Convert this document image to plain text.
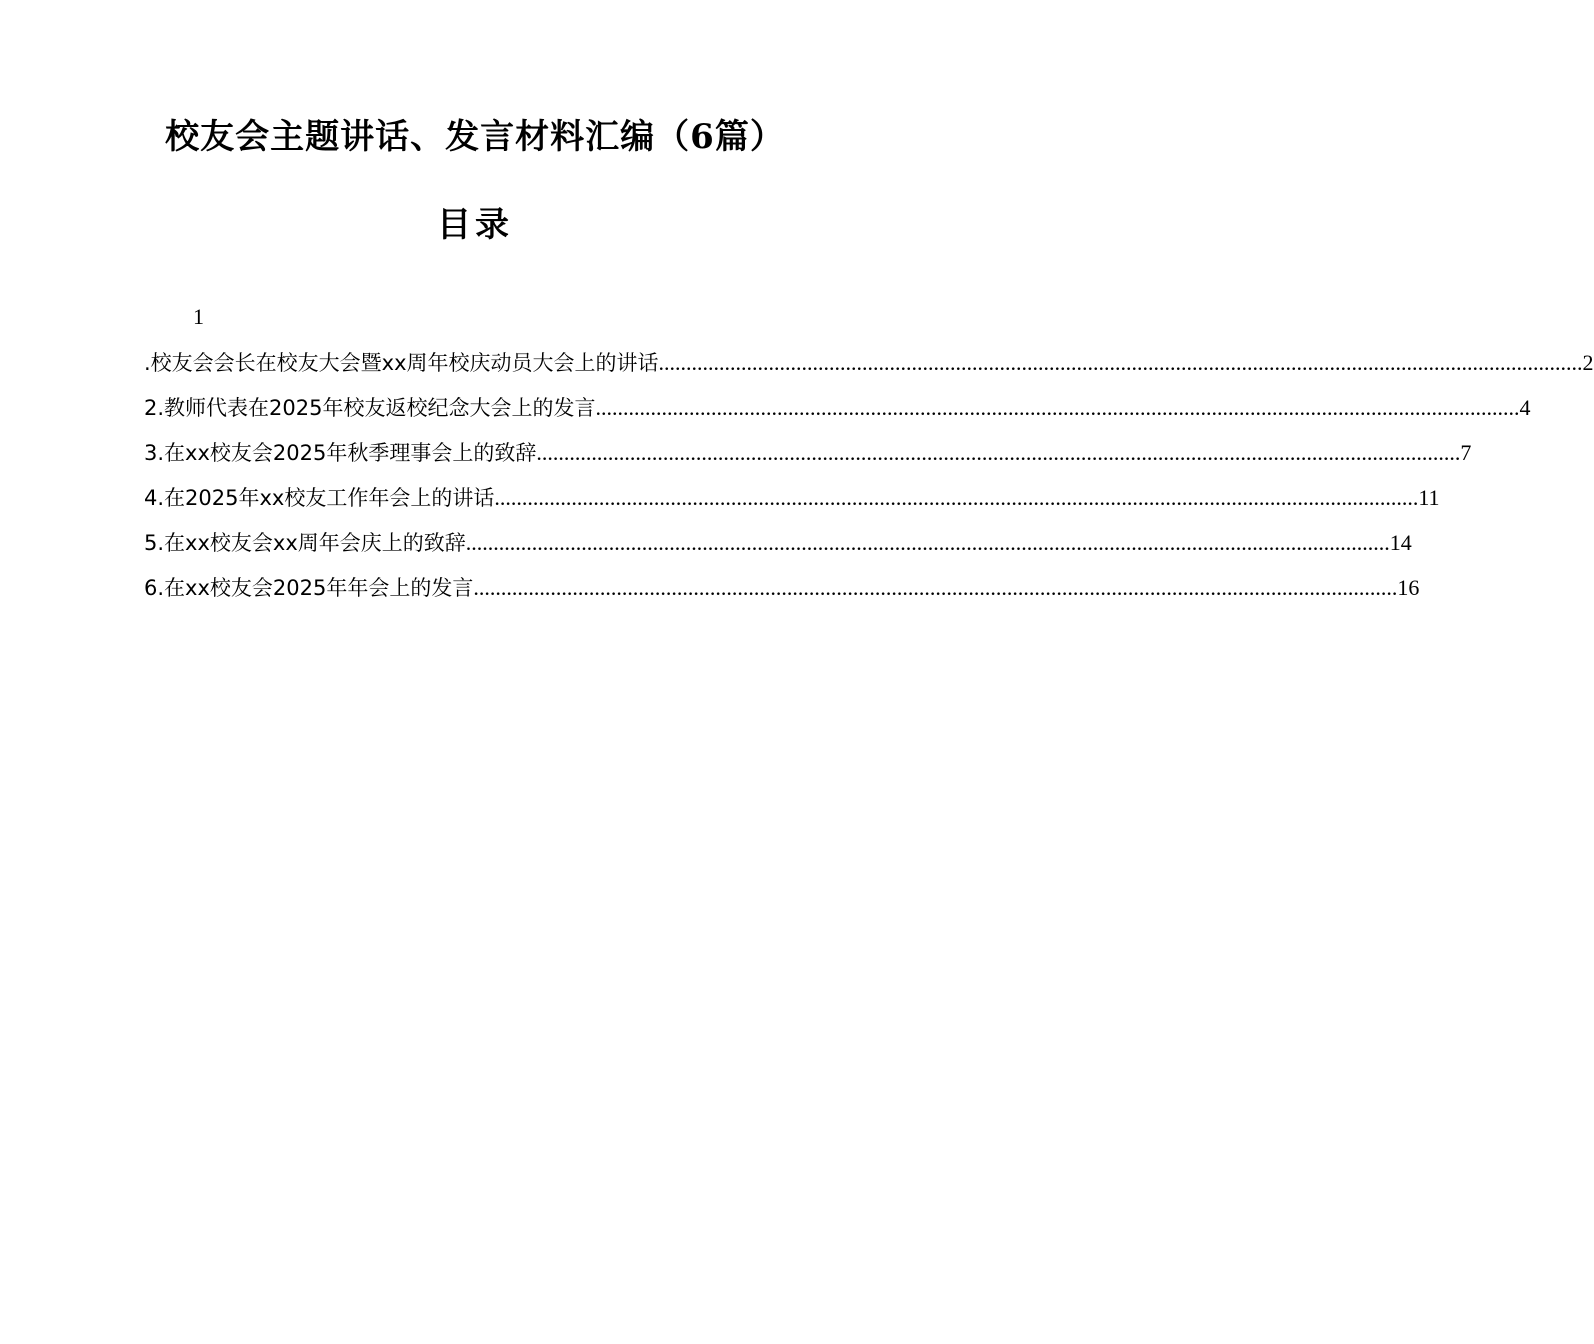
校友会主题讲话、发言材料汇编（6篇）
目录
1
.校友会会长在校友大会暨xx周年校庆动员大会上的讲话 .....	2
2.教师代表在2025年校友返校纪念大会上的发言 .....	4
3.在xx校友会2025年秋季理事会上的致辞 .....	7
4.在2025年xx校友工作年会上的讲话 .....	11
5.在xx校友会xx周年会庆上的致辞 .....	14
6.在xx校友会2025年年会上的发言 .....	16
